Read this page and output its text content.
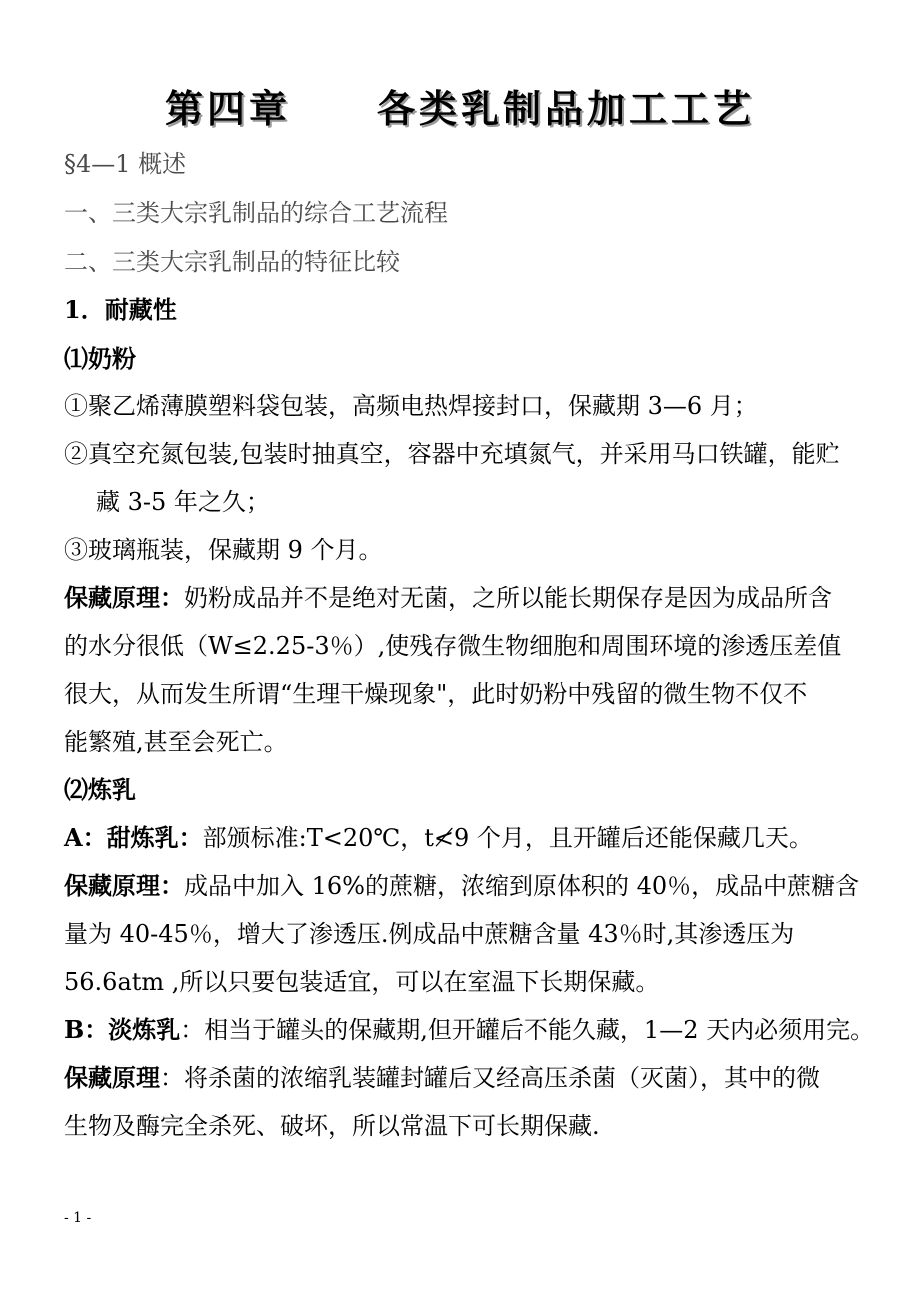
第四章 各类乳制品加工工艺
§4—1 概述
一、三类大宗乳制品的综合工艺流程
二、三类大宗乳制品的特征比较
1．耐藏性
⑴奶粉
①聚乙烯薄膜塑料袋包装，高频电热焊接封口，保藏期 3—6 月；
②真空充氮包装,包装时抽真空，容器中充填氮气，并采用马口铁罐，能贮
藏 3-5 年之久；
③玻璃瓶装，保藏期 9 个月。
保藏原理：奶粉成品并不是绝对无菌，之所以能长期保存是因为成品所含
的水分很低（W≤2.25-3％）,使残存微生物细胞和周围环境的渗透压差值
很大，从而发生所谓“生理干燥现象"，此时奶粉中残留的微生物不仅不
能繁殖,甚至会死亡。
⑵炼乳
A：甜炼乳：部颁标准:T<20℃，t≮9 个月，且开罐后还能保藏几天。
保藏原理：成品中加入 16%的蔗糖，浓缩到原体积的 40％，成品中蔗糖含
量为 40-45％，增大了渗透压.例成品中蔗糖含量 43％时,其渗透压为
56.6atm ,所以只要包装适宜，可以在室温下长期保藏。
B：淡炼乳：相当于罐头的保藏期,但开罐后不能久藏，1—2 天内必须用完。
保藏原理：将杀菌的浓缩乳装罐封罐后又经高压杀菌（灭菌），其中的微
生物及酶完全杀死、破坏，所以常温下可长期保藏.
- 1 -
